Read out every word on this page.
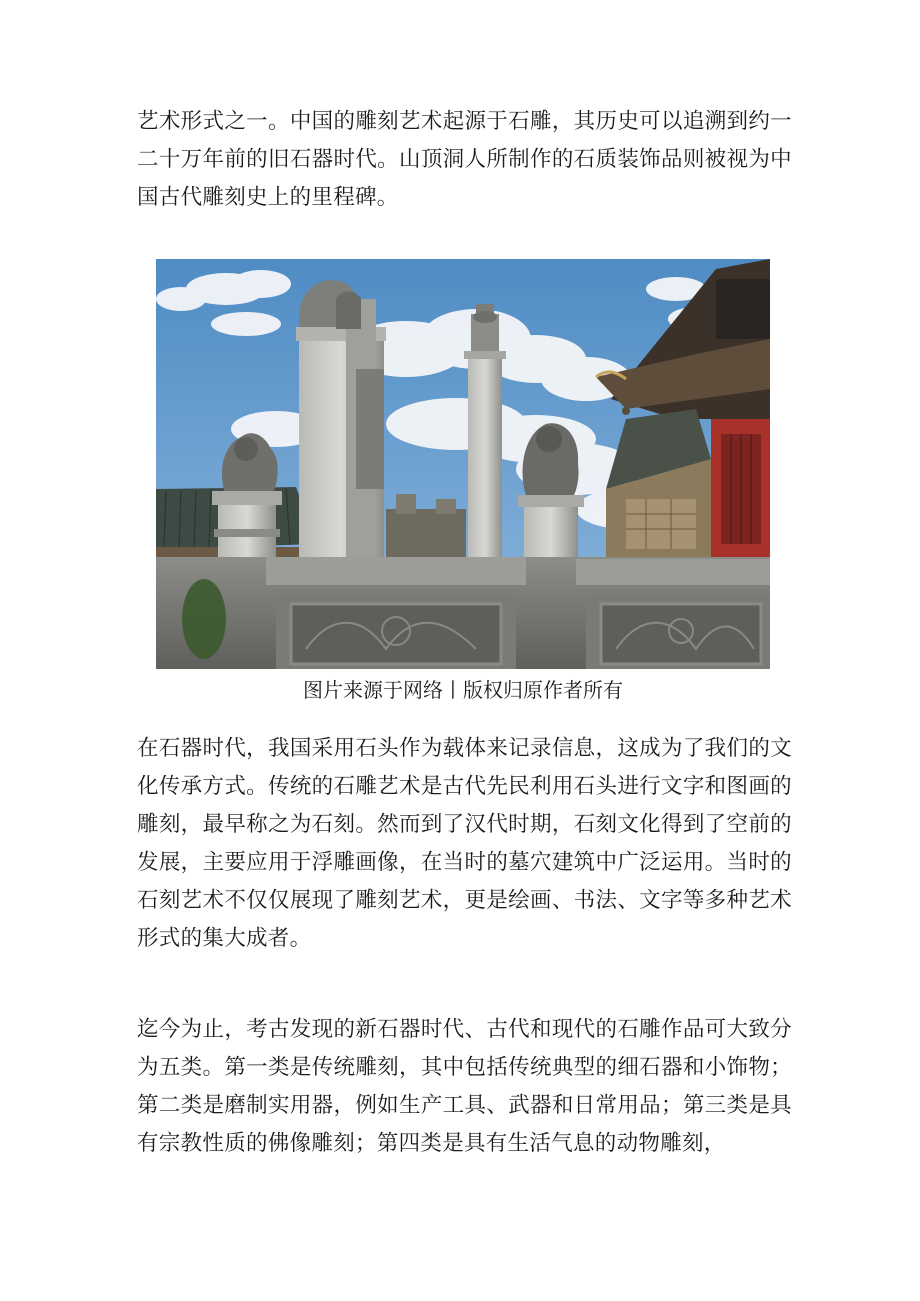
艺术形式之一。中国的雕刻艺术起源于石雕，其历史可以追溯到约一二十万年前的旧石器时代。山顶洞人所制作的石质装饰品则被视为中国古代雕刻史上的里程碑。

图片来源于网络丨版权归原作者所有

在石器时代，我国采用石头作为载体来记录信息，这成为了我们的文化传承方式。传统的石雕艺术是古代先民利用石头进行文字和图画的雕刻，最早称之为石刻。然而到了汉代时期，石刻文化得到了空前的发展，主要应用于浮雕画像，在当时的墓穴建筑中广泛运用。当时的石刻艺术不仅仅展现了雕刻艺术，更是绘画、书法、文字等多种艺术形式的集大成者。

迄今为止，考古发现的新石器时代、古代和现代的石雕作品可大致分为五类。第一类是传统雕刻，其中包括传统典型的细石器和小饰物；第二类是磨制实用器，例如生产工具、武器和日常用品；第三类是具有宗教性质的佛像雕刻；第四类是具有生活气息的动物雕刻，
